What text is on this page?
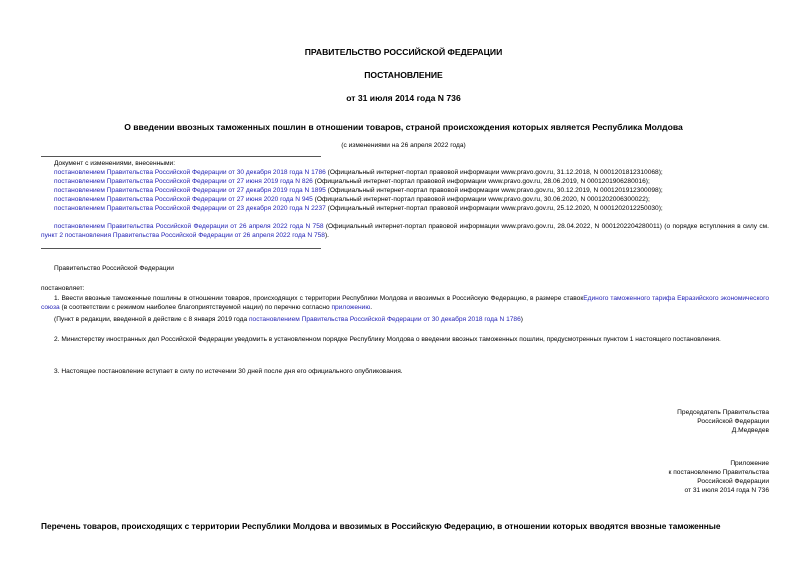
ПРАВИТЕЛЬСТВО РОССИЙСКОЙ ФЕДЕРАЦИИ
ПОСТАНОВЛЕНИЕ
от 31 июля 2014 года N 736
О введении ввозных таможенных пошлин в отношении товаров, страной происхождения которых является Республика Молдова
(с изменениями на 26 апреля 2022 года)
Документ с изменениями, внесенными:
постановлением Правительства Российской Федерации от 30 декабря 2018 года N 1786 (Официальный интернет-портал правовой информации www.pravo.gov.ru, 31.12.2018, N 0001201812310068);
постановлением Правительства Российской Федерации от 27 июня 2019 года N 826 (Официальный интернет-портал правовой информации www.pravo.gov.ru, 28.06.2019, N 0001201906280016);
постановлением Правительства Российской Федерации от 27 декабря 2019 года N 1895 (Официальный интернет-портал правовой информации www.pravo.gov.ru, 30.12.2019, N 0001201912300098);
постановлением Правительства Российской Федерации от 27 июня 2020 года N 945 (Официальный интернет-портал правовой информации www.pravo.gov.ru, 30.06.2020, N 0001202006300022);
постановлением Правительства Российской Федерации от 23 декабря 2020 года N 2237 (Официальный интернет-портал правовой информации www.pravo.gov.ru, 25.12.2020, N 0001202012250030);
постановлением Правительства Российской Федерации от 26 апреля 2022 года N 758 (Официальный интернет-портал правовой информации www.pravo.gov.ru, 28.04.2022, N 0001202204280011) (о порядке вступления в силу см. пункт 2 постановления Правительства Российской Федерации от 26 апреля 2022 года N 758).
Правительство Российской Федерации
постановляет:
1. Ввести ввозные таможенные пошлины в отношении товаров, происходящих с территории Республики Молдова и ввозимых в Российскую Федерацию, в размере ставокЕдиного таможенного тарифа Евразийского экономического союза (в соответствии с режимом наиболее благоприятствуемой нации) по перечню согласно приложению.
(Пункт в редакции, введенной в действие с 8 января 2019 года постановлением Правительства Российской Федерации от 30 декабря 2018 года N 1786)
2. Министерству иностранных дел Российской Федерации уведомить в установленном порядке Республику Молдова о введении ввозных таможенных пошлин, предусмотренных пунктом 1 настоящего постановления.
3. Настоящее постановление вступает в силу по истечении 30 дней после дня его официального опубликования.
Председатель Правительства
Российской Федерации
Д.Медведев
Приложение
к постановлению Правительства
Российской Федерации
от 31 июля 2014 года N 736
Перечень товаров, происходящих с территории Республики Молдова и ввозимых в Российскую Федерацию, в отношении которых вводятся ввозные таможенные
